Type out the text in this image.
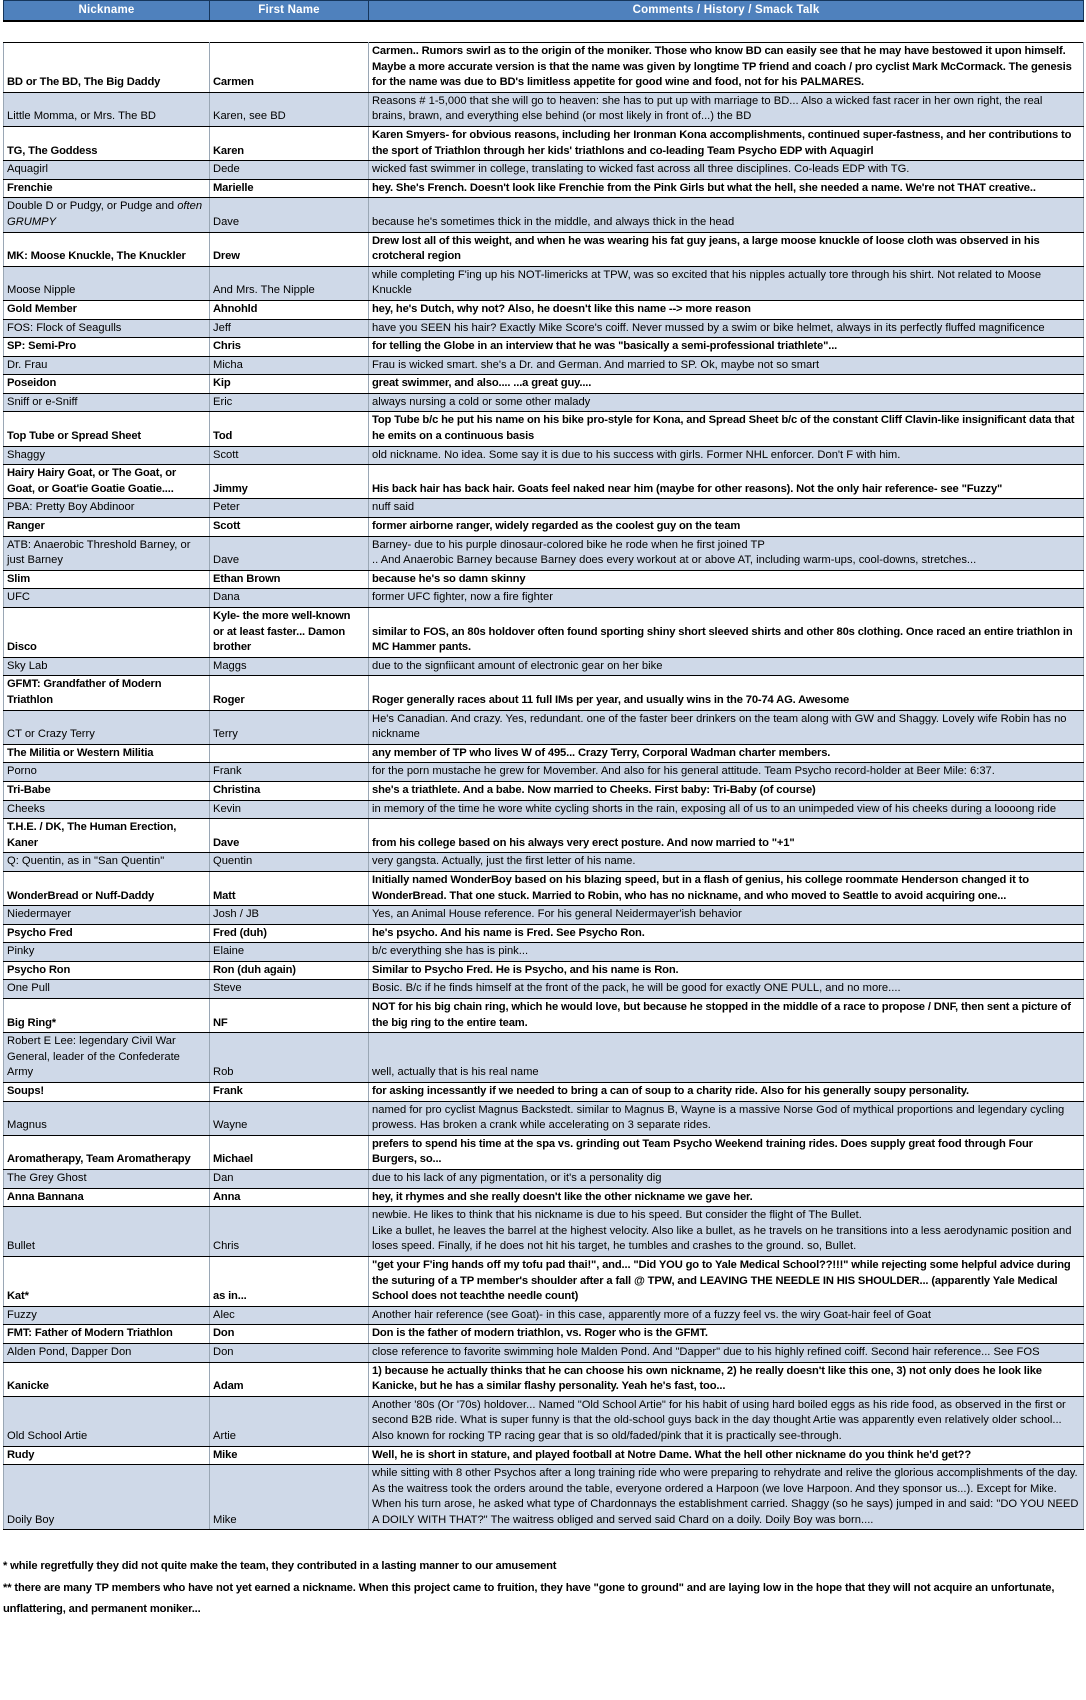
Nickname	First Name	Comments / History / Smack Talk

BD or The BD, The Big Daddy	Carmen	Carmen.. Rumors swirl as to the origin of the moniker. Those who know BD can easily see that he may have bestowed it upon himself. Maybe a more accurate version is that the name was given by longtime TP friend and coach / pro cyclist Mark McCormack. The genesis for the name was due to BD's limitless appetite for good wine and food, not for his PALMARES.
Little Momma, or Mrs. The BD	Karen, see BD	Reasons # 1-5,000 that she will go to heaven: she has to put up with marriage to BD... Also a wicked fast racer in her own right, the real brains, brawn, and everything else behind (or most likely in front of...) the BD
TG, The Goddess	Karen	Karen Smyers- for obvious reasons, including her Ironman Kona accomplishments, continued super-fastness, and her contributions to the sport of Triathlon through her kids' triathlons and co-leading Team Psycho EDP with Aquagirl
Aquagirl	Dede	wicked fast swimmer in college, translating to wicked fast across all three disciplines. Co-leads EDP with TG.
Frenchie	Marielle	hey. She's French. Doesn't look like Frenchie from the Pink Girls but what the hell, she needed a name. We're not THAT creative..
Double D or Pudgy, or Pudge and often GRUMPY	Dave	because he's sometimes thick in the middle, and always thick in the head
MK: Moose Knuckle, The Knuckler	Drew	Drew lost all of this weight, and when he was wearing his fat guy jeans, a large moose knuckle of loose cloth was observed in his crotcheral region
Moose Nipple	And Mrs. The Nipple	while completing F'ing up his NOT-limericks at TPW, was so excited that his nipples actually tore through his shirt. Not related to Moose Knuckle
Gold Member	Ahnohld	hey, he's Dutch, why not? Also, he doesn't like this name --> more reason
FOS: Flock of Seagulls	Jeff	have you SEEN his hair? Exactly Mike Score's coiff. Never mussed by a swim or bike helmet, always in its perfectly fluffed magnificence
SP: Semi-Pro	Chris	for telling the Globe in an interview that he was "basically a semi-professional triathlete"...
Dr. Frau	Micha	Frau is wicked smart. she's a Dr. and German. And married to SP. Ok, maybe not so smart
Poseidon	Kip	great swimmer, and also.... ...a great guy....
Sniff or e-Sniff	Eric	always nursing a cold or some other malady
Top Tube or Spread Sheet	Tod	Top Tube b/c he put his name on his bike pro-style for Kona, and Spread Sheet b/c of the constant Cliff Clavin-like insignificant data that he emits on a continuous basis
Shaggy	Scott	old nickname. No idea. Some say it is due to his success with girls. Former NHL enforcer. Don't F with him.
Hairy Hairy Goat, or The Goat, or Goat, or Goat'ie Goatie Goatie....	Jimmy	His back hair has back hair. Goats feel naked near him (maybe for other reasons). Not the only hair reference- see "Fuzzy"
PBA: Pretty Boy Abdinoor	Peter	nuff said
Ranger	Scott	former airborne ranger, widely regarded as the coolest guy on the team
ATB: Anaerobic Threshold Barney, or just Barney	Dave	Barney- due to his purple dinosaur-colored bike he rode when he first joined TP
.. And Anaerobic Barney because Barney does every workout at or above AT, including warm-ups, cool-downs, stretches...
Slim	Ethan Brown	because he's so damn skinny
UFC	Dana	former UFC fighter, now a fire fighter
Disco	Kyle- the more well-known or at least faster... Damon brother	similar to FOS, an 80s holdover often found sporting shiny short sleeved shirts and other 80s clothing. Once raced an entire triathlon in MC Hammer pants.
Sky Lab	Maggs	due to the signfiicant amount of electronic gear on her bike
GFMT: Grandfather of Modern Triathlon	Roger	Roger generally races about 11 full IMs per year, and usually wins in the 70-74 AG. Awesome
CT or Crazy Terry	Terry	He's Canadian. And crazy. Yes, redundant. one of the faster beer drinkers on the team along with GW and Shaggy. Lovely wife Robin has no nickname
The Militia or Western Militia		any member of TP who lives W of 495... Crazy Terry, Corporal Wadman charter members.
Porno	Frank	for the porn mustache he grew for Movember. And also for his general attitude. Team Psycho record-holder at Beer Mile: 6:37.
Tri-Babe	Christina	she's a triathlete. And a babe. Now married to Cheeks. First baby: Tri-Baby (of course)
Cheeks	Kevin	in memory of the time he wore white cycling shorts in the rain, exposing all of us to an unimpeded view of his cheeks during a loooong ride
T.H.E. / DK, The Human Erection, Kaner	Dave	from his college based on his always very erect posture. And now married to "+1"
Q: Quentin, as in "San Quentin"	Quentin	very gangsta. Actually, just the first letter of his name.
WonderBread or Nuff-Daddy	Matt	Initially named WonderBoy based on his blazing speed, but in a flash of genius, his college roommate Henderson changed it to WonderBread. That one stuck. Married to Robin, who has no nickname, and who moved to Seattle to avoid acquiring one...
Niedermayer	Josh / JB	Yes, an Animal House reference. For his general Neidermayer'ish behavior
Psycho Fred	Fred (duh)	he's psycho. And his name is Fred. See Psycho Ron.
Pinky	Elaine	b/c everything she has is pink...
Psycho Ron	Ron (duh again)	Similar to Psycho Fred. He is Psycho, and his name is Ron.
One Pull	Steve	Bosic. B/c if he finds himself at the front of the pack, he will be good for exactly ONE PULL, and no more....
Big Ring*	NF	NOT for his big chain ring, which he would love, but because he stopped in the middle of a race to propose / DNF, then sent a picture of the big ring to the entire team.
Robert E Lee: legendary Civil War General, leader of the Confederate Army	Rob	well, actually that is his real name
Soups!	Frank	for asking incessantly if we needed to bring a can of soup to a charity ride. Also for his generally soupy personality.
Magnus	Wayne	named for pro cyclist Magnus Backstedt. similar to Magnus B, Wayne is a massive Norse God of mythical proportions and legendary cycling prowess. Has broken a crank while accelerating on 3 separate rides.
Aromatherapy, Team Aromatherapy	Michael	prefers to spend his time at the spa vs. grinding out Team Psycho Weekend training rides. Does supply great food through Four Burgers, so...
The Grey Ghost	Dan	due to his lack of any pigmentation, or it's a personality dig
Anna Bannana	Anna	hey, it rhymes and she really doesn't like the other nickname we gave her.
Bullet	Chris	newbie. He likes to think that his nickname is due to his speed. But consider the flight of The Bullet.
Like a bullet, he leaves the barrel at the highest velocity. Also like a bullet, as he travels on he transitions into a less aerodynamic position and loses speed. Finally, if he does not hit his target, he tumbles and crashes to the ground. so, Bullet.
Kat*	as in...	"get your F'ing hands off my tofu pad thai!", and... "Did YOU go to Yale Medical School??!!!" while rejecting some helpful advice during the suturing of a TP member's shoulder after a fall @ TPW, and LEAVING THE NEEDLE IN HIS SHOULDER... (apparently Yale Medical School does not teachthe needle count)
Fuzzy	Alec	Another hair reference (see Goat)- in this case, apparently more of a fuzzy feel vs. the wiry Goat-hair feel of Goat
FMT: Father of Modern Triathlon	Don	Don is the father of modern triathlon, vs. Roger who is the GFMT.
Alden Pond, Dapper Don	Don	close reference to favorite swimming hole Malden Pond. And "Dapper" due to his highly refined coiff. Second hair reference... See FOS
Kanicke	Adam	1) because he actually thinks that he can choose his own nickname, 2) he really doesn't like this one, 3) not only does he look like Kanicke, but he has a similar flashy personality. Yeah he's fast, too...
Old School Artie	Artie	Another '80s (Or '70s) holdover... Named "Old School Artie" for his habit of using hard boiled eggs as his ride food, as observed in the first or second B2B ride. What is super funny is that the old-school guys back in the day thought Artie was apparently even relatively older school... Also known for rocking TP racing gear that is so old/faded/pink that it is practically see-through.
Rudy	Mike	Well, he is short in stature, and played football at Notre Dame. What the hell other nickname do you think he'd get??
Doily Boy	Mike	while sitting with 8 other Psychos after a long training ride who were preparing to rehydrate and relive the glorious accomplishments of the day. As the waitress took the orders around the table, everyone ordered a Harpoon (we love Harpoon. And they sponsor us...). Except for Mike. When his turn arose, he asked what type of Chardonnays the establishment carried. Shaggy (so he says) jumped in and said: "DO YOU NEED A DOILY WITH THAT?" The waitress obliged and served said Chard on a doily. Doily Boy was born....

* while regretfully they did not quite make the team, they contributed in a lasting manner to our amusement

** there are many TP members who have not yet earned a nickname. When this project came to fruition, they have "gone to ground" and are laying low in the hope that they will not acquire an unfortunate, unflattering, and permanent moniker...
